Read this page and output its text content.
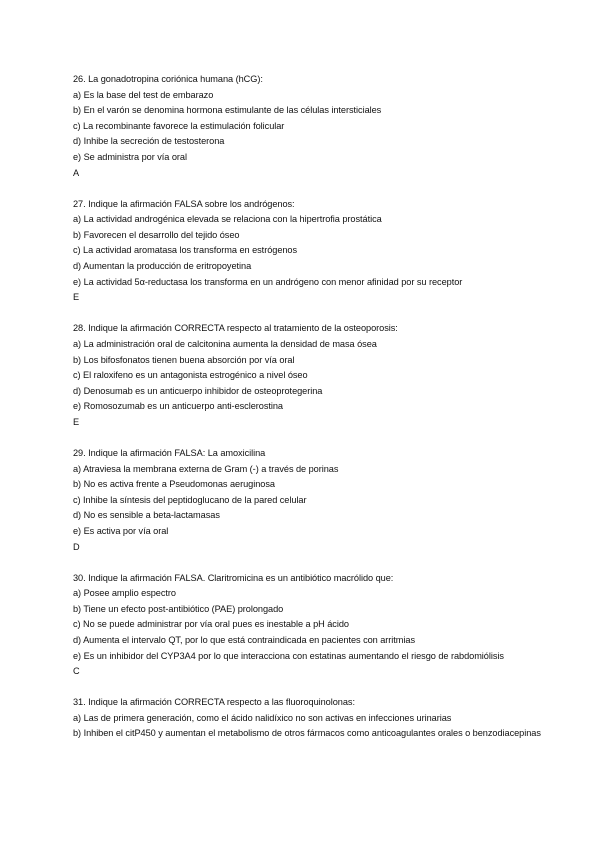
26. La gonadotropina coriónica humana (hCG):
a) Es la base del test de embarazo
b) En el varón se denomina hormona estimulante de las células intersticiales
c) La recombinante favorece la estimulación folicular
d) Inhibe la secreción de testosterona
e) Se administra por vía oral
A
27. Indique la afirmación FALSA sobre los andrógenos:
a) La actividad androgénica elevada se relaciona con la hipertrofia prostática
b) Favorecen el desarrollo del tejido óseo
c) La actividad aromatasa los transforma en estrógenos
d) Aumentan la producción de eritropoyetina
e) La actividad 5α-reductasa los transforma en un andrógeno con menor afinidad por su receptor
E
28. Indique la afirmación CORRECTA respecto al tratamiento de la osteoporosis:
a) La administración oral de calcitonina aumenta la densidad de masa ósea
b) Los bifosfonatos tienen buena absorción por vía oral
c) El raloxifeno es un antagonista estrogénico a nivel óseo
d) Denosumab es un anticuerpo inhibidor de osteoprotegerina
e) Romosozumab es un anticuerpo anti-esclerostina
E
29. Indique la afirmación FALSA: La amoxicilina
a) Atraviesa la membrana externa de Gram (-) a través de porinas
b) No es activa frente a Pseudomonas aeruginosa
c) Inhibe la síntesis del peptidoglucano de la pared celular
d) No es sensible a beta-lactamasas
e) Es activa por vía oral
D
30. Indique la afirmación FALSA. Claritromicina es un antibiótico macrólido que:
a) Posee amplio espectro
b) Tiene un efecto post-antibiótico (PAE) prolongado
c) No se puede administrar por vía oral pues es inestable a pH ácido
d) Aumenta el intervalo QT, por lo que está contraindicada en pacientes con arritmias
e) Es un inhibidor del CYP3A4 por lo que interacciona con estatinas aumentando el riesgo de rabdomiólisis
C
31. Indique la afirmación CORRECTA respecto a las fluoroquinolonas:
a) Las de primera generación, como el ácido nalidíxico no son activas en infecciones urinarias
b) Inhiben el citP450 y aumentan el metabolismo de otros fármacos como anticoagulantes orales o benzodiacepinas
